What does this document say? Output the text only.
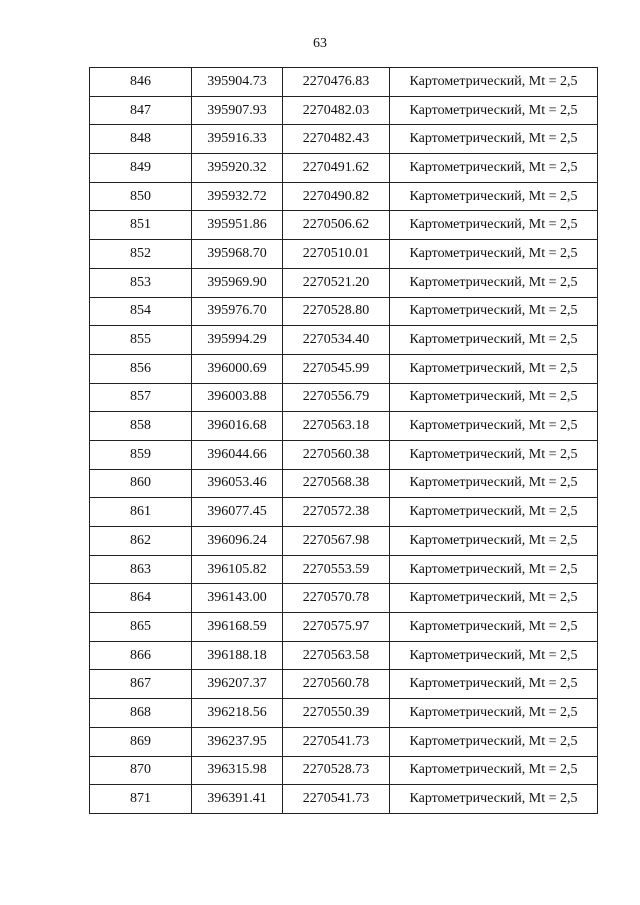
63
846	395904.73	2270476.83	Картометрический, Mt = 2,5
847	395907.93	2270482.03	Картометрический, Mt = 2,5
848	395916.33	2270482.43	Картометрический, Mt = 2,5
849	395920.32	2270491.62	Картометрический, Mt = 2,5
850	395932.72	2270490.82	Картометрический, Mt = 2,5
851	395951.86	2270506.62	Картометрический, Mt = 2,5
852	395968.70	2270510.01	Картометрический, Mt = 2,5
853	395969.90	2270521.20	Картометрический, Mt = 2,5
854	395976.70	2270528.80	Картометрический, Mt = 2,5
855	395994.29	2270534.40	Картометрический, Mt = 2,5
856	396000.69	2270545.99	Картометрический, Mt = 2,5
857	396003.88	2270556.79	Картометрический, Mt = 2,5
858	396016.68	2270563.18	Картометрический, Mt = 2,5
859	396044.66	2270560.38	Картометрический, Mt = 2,5
860	396053.46	2270568.38	Картометрический, Mt = 2,5
861	396077.45	2270572.38	Картометрический, Mt = 2,5
862	396096.24	2270567.98	Картометрический, Mt = 2,5
863	396105.82	2270553.59	Картометрический, Mt = 2,5
864	396143.00	2270570.78	Картометрический, Mt = 2,5
865	396168.59	2270575.97	Картометрический, Mt = 2,5
866	396188.18	2270563.58	Картометрический, Mt = 2,5
867	396207.37	2270560.78	Картометрический, Mt = 2,5
868	396218.56	2270550.39	Картометрический, Mt = 2,5
869	396237.95	2270541.73	Картометрический, Mt = 2,5
870	396315.98	2270528.73	Картометрический, Mt = 2,5
871	396391.41	2270541.73	Картометрический, Mt = 2,5
